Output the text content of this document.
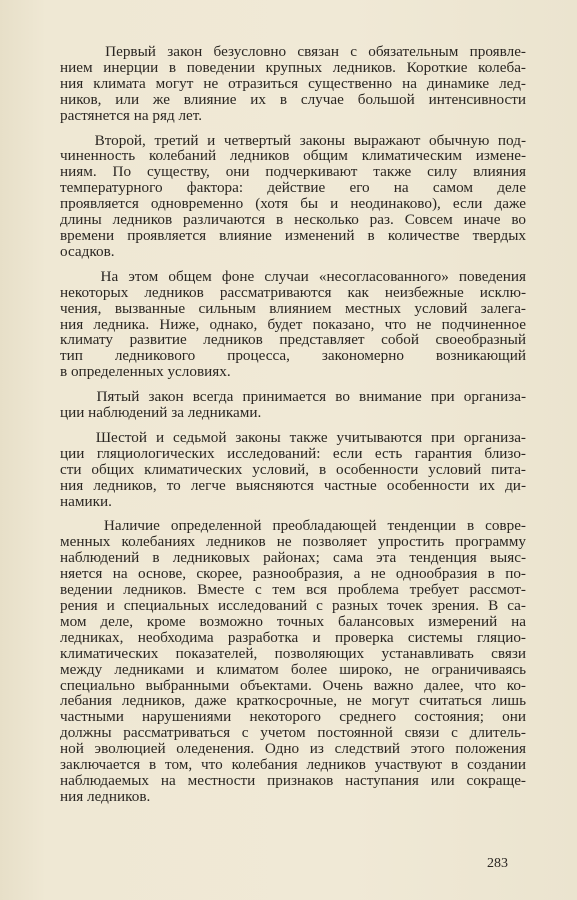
Первый закон безусловно связан с обязательным проявле-
нием инерции в поведении крупных ледников. Короткие колеба-
ния климата могут не отразиться существенно на динамике лед-
ников, или же влияние их в случае большой интенсивности
растянется на ряд лет.

Второй, третий и четвертый законы выражают обычную под-
чиненность колебаний ледников общим климатическим измене-
ниям. По существу, они подчеркивают также силу влияния
температурного фактора: действие его на самом деле
проявляется одновременно (хотя бы и неодинаково), если даже
длины ледников различаются в несколько раз. Совсем иначе во
времени проявляется влияние изменений в количестве твердых
осадков.

На этом общем фоне случаи «несогласованного» поведения
некоторых ледников рассматриваются как неизбежные исклю-
чения, вызванные сильным влиянием местных условий залега-
ния ледника. Ниже, однако, будет показано, что не подчиненное
климату развитие ледников представляет собой своеобразный
тип ледникового процесса, закономерно возникающий
в определенных условиях.

Пятый закон всегда принимается во внимание при организа-
ции наблюдений за ледниками.

Шестой и седьмой законы также учитываются при организа-
ции гляциологических исследований: если есть гарантия близо-
сти общих климатических условий, в особенности условий пита-
ния ледников, то легче выясняются частные особенности их ди-
намики.

Наличие определенной преобладающей тенденции в совре-
менных колебаниях ледников не позволяет упростить программу
наблюдений в ледниковых районах; сама эта тенденция выяс-
няется на основе, скорее, разнообразия, а не однообразия в по-
ведении ледников. Вместе с тем вся проблема требует рассмот-
рения и специальных исследований с разных точек зрения. В са-
мом деле, кроме возможно точных балансовых измерений на
ледниках, необходима разработка и проверка системы гляцио-
климатических показателей, позволяющих устанавливать связи
между ледниками и климатом более широко, не ограничиваясь
специально выбранными объектами. Очень важно далее, что ко-
лебания ледников, даже краткосрочные, не могут считаться лишь
частными нарушениями некоторого среднего состояния; они
должны рассматриваться с учетом постоянной связи с длитель-
ной эволюцией оледенения. Одно из следствий этого положения
заключается в том, что колебания ледников участвуют в создании
наблюдаемых на местности признаков наступания или сокраще-
ния ледников.

283
